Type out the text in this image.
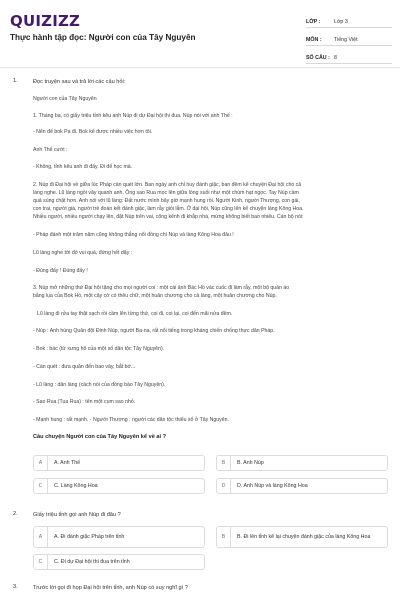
QUIZIZZ
Thực hành tập đọc: Người con của Tây Nguyên
LỚP :	Lớp 3
MÔN :	Tiếng Việt
SỐ CÂU : 8
1.	Đọc truyện sau và trả lời các câu hỏi:
Người con của Tây Nguyên
1. Tháng ba, có giấy triệu tỉnh kêu anh Núp đi dự Đại hội thi đua. Núp nói với anh Thế :
- Nên để bok Pa đi. Bok kể được nhiều việc hơn tôi.
Anh Thế cười :
- Không, tỉnh kêu anh đi đấy. Đi để học mà.
2. Núp đi Đại hội về giữa lúc Pháp càn quét lớn. Ban ngày anh chỉ huy đánh giặc, ban đêm kể chuyện Đại hội cho cả
làng nghe. Lũ làng ngồi vây quanh anh. Ông sao Rua mọc lên giữa lòng suối như một chùm hạt ngọc. Tay Núp cầm
quả súng chật hơn. Anh nói với lũ làng: Đất nước mình bây giờ mạnh hung rồi. Người Kinh, người Thượng, con gái,
con trai, người già, người trẻ đoàn kết đánh giặc, làm rẫy giỏi lắm. Ở đại hội, Núp cũng lên kể chuyện làng Kông Hoa.
Nhiều người, nhiều người chạy lên, đặt Núp trên vai, công kênh đi khắp nhà, mừng không biết bao nhiêu. Cán bộ nói:
- Pháp đánh một trăm năm cũng không thắng nổi đồng chí Núp và làng Kông Hoa đâu !
Lũ làng nghe tới đó vui quá, đứng hết dậy :
- Đúng đấy ! Đúng đấy !
3. Núp mở những thứ Đại hội tặng cho mọi người coi : một cái ảnh Bác Hồ vác cuốc đi làm rẫy, một bộ quần áo
bằng lụa của Bok Hồ, một cây cờ có thêu chữ, một huân chương cho cả làng, một huân chương cho Núp.
Lũ làng đi rửa tay thật sạch rồi cầm lên từng thứ, coi đi, coi lại, coi đến mãi nửa đêm.
- Núp : Anh hùng Quân đội Đinh Núp, người Ba-na, rất nổi tiếng trong kháng chiến chống thực dân Pháp.
- Bok : bác (từ xưng hô của một số dân tộc Tây Nguyên).
- Càn quét : đưa quân đến bao vây, bắt bớ...
- Lũ làng : dân làng (cách nói của đồng bào Tây Nguyên).
- Sao Rua (Tua Rua) : tên một cụm sao nhỏ.
- Mạnh hung : rất mạnh. - Người Thượng : người các dân tộc thiểu số ở Tây Nguyên.
Câu chuyện Người con của Tây Nguyên kể về ai ?
A	A. Anh Thế	B	B. Anh Núp
C	C. Làng Kông Hoa	D	D. Anh Núp và làng Kông Hoa
2.	Giấy triệu tỉnh gọi anh Núp đi đâu ?
A	A. Đi đánh giặc Pháp trên tỉnh	B	B. Đi lên tỉnh kể lại chuyện đánh giặc của làng Kông Hoa
C	C. Đi dự Đại hội thi đua trên tỉnh
3.	Trước lời gọi đi họp Đại hội trên tỉnh, anh Núp có suy nghĩ gì ?
